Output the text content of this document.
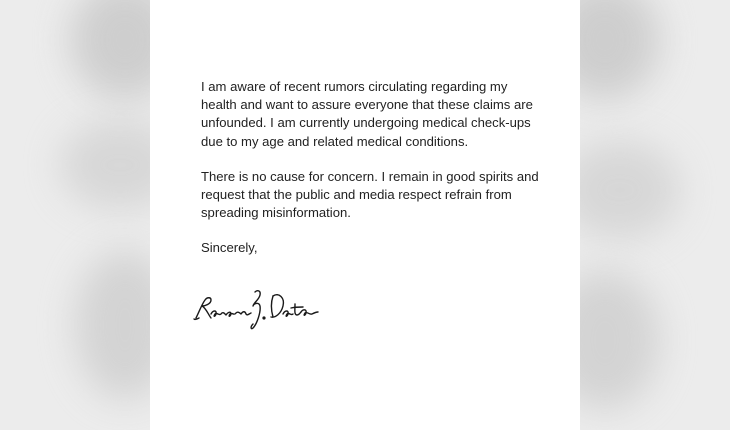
I am aware of recent rumors circulating regarding my health and want to assure everyone that these claims are unfounded. I am currently undergoing medical check-ups due to my age and related medical conditions.

There is no cause for concern. I remain in good spirits and request that the public and media respect refrain from spreading misinformation.

Sincerely,
